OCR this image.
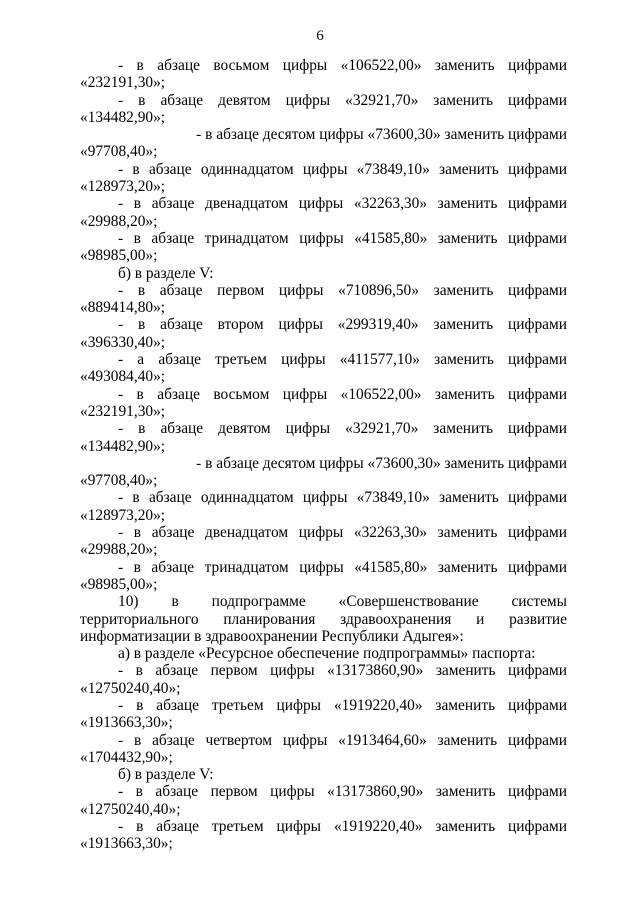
6

- в абзаце восьмом цифры «106522,00» заменить цифрами «232191,30»;

- в абзаце девятом цифры «32921,70» заменить цифрами «134482,90»;

- в абзаце десятом цифры «73600,30» заменить цифрами «97708,40»;

- в абзаце одиннадцатом цифры «73849,10» заменить цифрами «128973,20»;

- в абзаце двенадцатом цифры «32263,30» заменить цифрами «29988,20»;

- в абзаце тринадцатом цифры «41585,80» заменить цифрами «98985,00»;

б) в разделе V:

- в абзаце первом цифры «710896,50» заменить цифрами «889414,80»;

- в абзаце втором цифры «299319,40» заменить цифрами «396330,40»;

- а абзаце третьем цифры «411577,10» заменить цифрами «493084,40»;

- в абзаце восьмом цифры «106522,00» заменить цифрами «232191,30»;

- в абзаце девятом цифры «32921,70» заменить цифрами «134482,90»;

- в абзаце десятом цифры «73600,30» заменить цифрами «97708,40»;

- в абзаце одиннадцатом цифры «73849,10» заменить цифрами «128973,20»;

- в абзаце двенадцатом цифры «32263,30» заменить цифрами «29988,20»;

- в абзаце тринадцатом цифры «41585,80» заменить цифрами «98985,00»;

10) в подпрограмме «Совершенствование системы территориального планирования здравоохранения и развитие информатизации в здравоохранении Республики Адыгея»:

а) в разделе «Ресурсное обеспечение подпрограммы» паспорта:

- в абзаце первом цифры «13173860,90» заменить цифрами «12750240,40»;

- в абзаце третьем цифры «1919220,40» заменить цифрами «1913663,30»;

- в абзаце четвертом цифры «1913464,60» заменить цифрами «1704432,90»;

б) в разделе V:

- в абзаце первом цифры «13173860,90» заменить цифрами «12750240,40»;

- в абзаце третьем цифры «1919220,40» заменить цифрами «1913663,30»;
